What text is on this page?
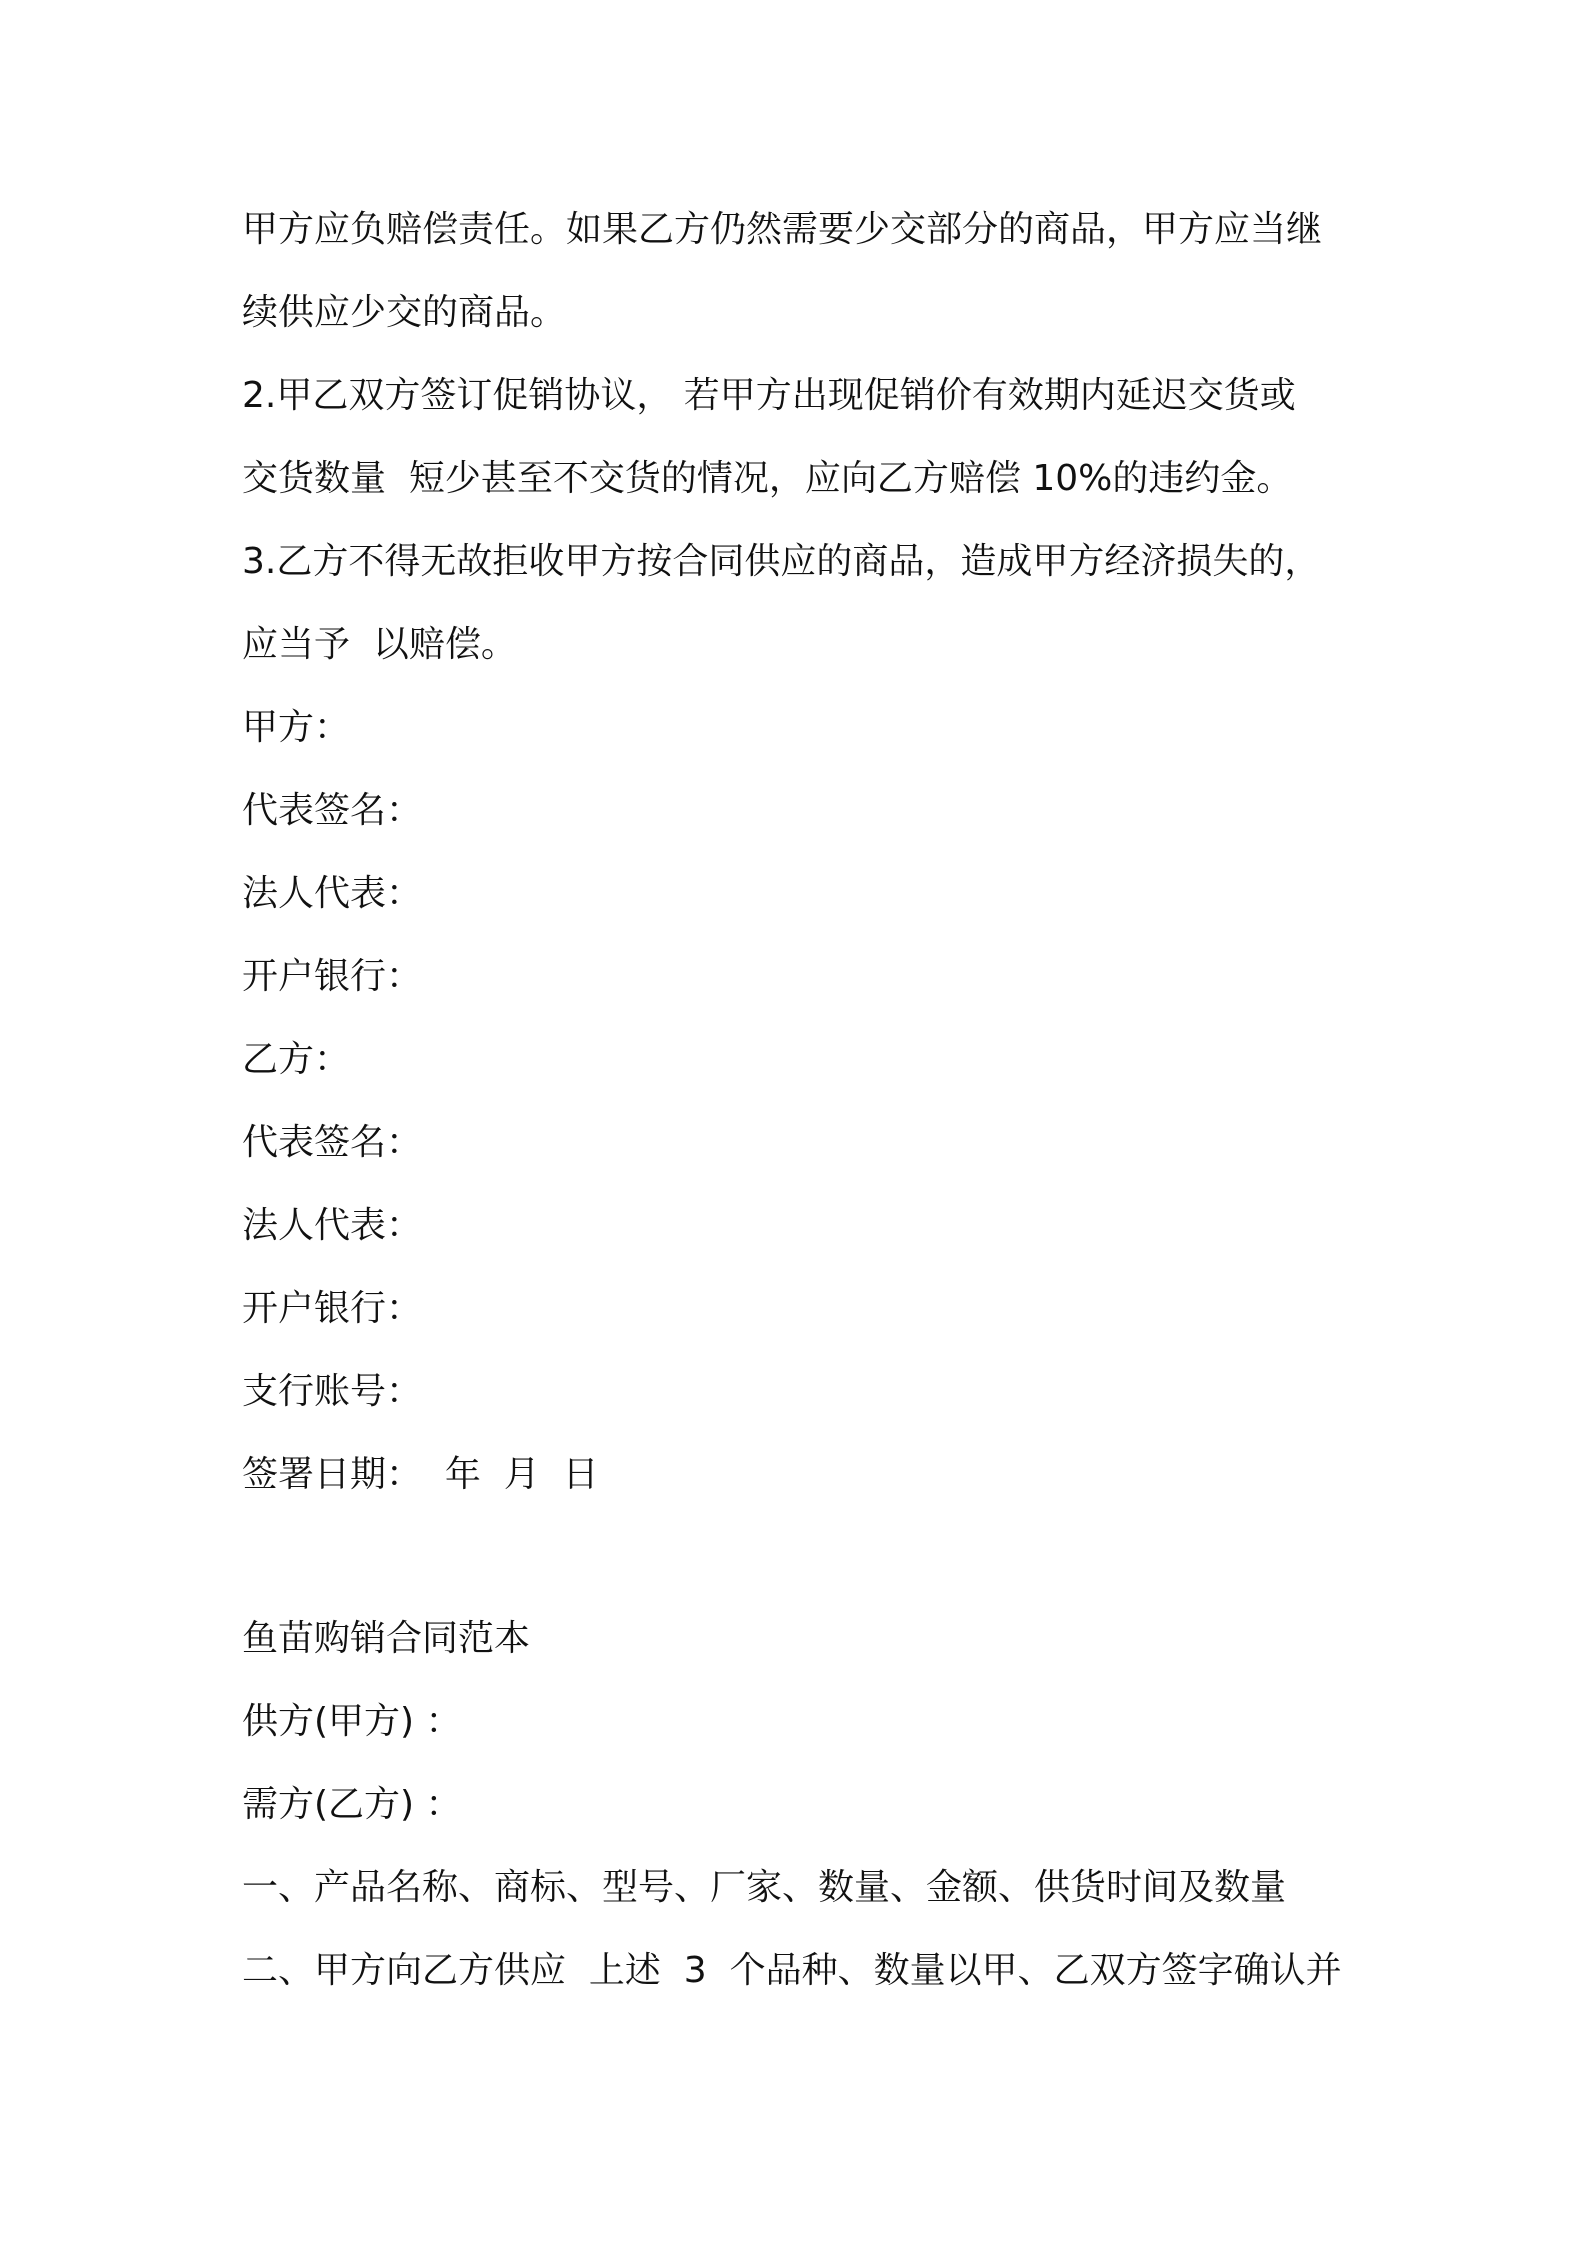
甲方应负赔偿责任。如果乙方仍然需要少交部分的商品，甲方应当继
续供应少交的商品。
2.甲乙双方签订促销协议， 若甲方出现促销价有效期内延迟交货或
交货数量  短少甚至不交货的情况，应向乙方赔偿 10%的违约金。
3.乙方不得无故拒收甲方按合同供应的商品，造成甲方经济损失的，
应当予  以赔偿。
甲方：
代表签名：
法人代表：
开户银行：
乙方：
代表签名：
法人代表：
开户银行：
支行账号：
签署日期：  年  月  日
鱼苗购销合同范本
供方(甲方) ：
需方(乙方) ：
一、产品名称、商标、型号、厂家、数量、金额、供货时间及数量
二、甲方向乙方供应  上述  3  个品种、数量以甲、乙双方签字确认并
